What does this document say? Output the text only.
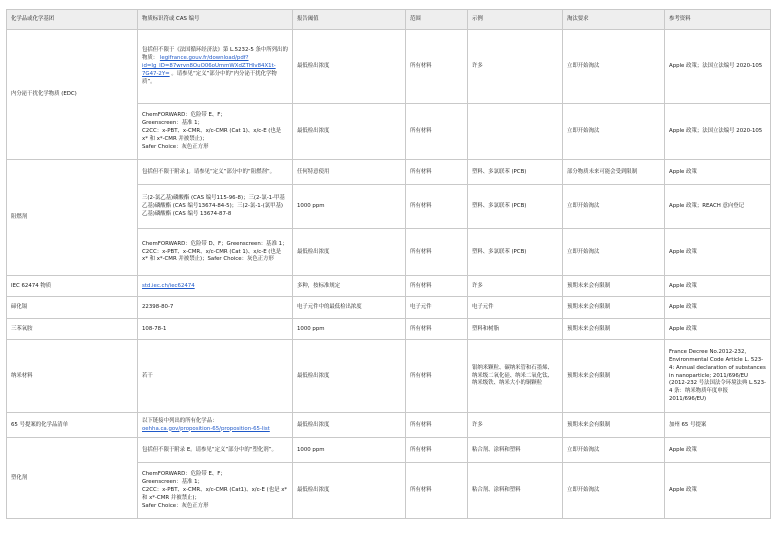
化学品或化学基团	物质标识符或 CAS 编号	报告阈值	范围	示例	淘汰要求	参考资料
内分泌干扰化学物质 (EDC)	包括但不限于《法国循环经济法》第 L.5232-5 条中所列出的物质： legifrance.gouv.fr/download/pdf?id=Ig_ID=87wrvn8OuO06oUmmWXdZTHlv84X1t-7G47-2Y= 。请参见“定义”部分中的“内分泌干扰化学物质”。	最低检出浓度	所有材料	许多	立即开始淘汰	Apple 政策；法国立法编号 2020-105

	ChemFORWARD：危险带 E、F；
Greenscreen：基准 1；
C2CC：x-PBT、x-CMR、x/c-CMR (Cat 1)、x/c-E (也是 x* 和 x*-CMR 并被禁止)；
Safer Choice：灰色正方形	最低检出浓度	所有材料		立即开始淘汰	Apple 政策；法国立法编号 2020-105
阻燃剂	包括但不限于附录 J。请参见“定义”部分中的“阻燃剂”。	任何特意使用	所有材料	塑料、多氯联苯 (PCB)	部分物质未来可能会受到限制	Apple 政策
	三(2-氯乙基)磷酸酯 (CAS 编号115-96-8)；三(2-氯-1-甲基乙基)磷酸酯 (CAS 编号13674-84-5)；三(2-氯-1-(氯甲基)乙基)磷酸酯 (CAS 编号 13674-87-8	1000 ppm	所有材料	塑料、多氯联苯 (PCB)	立即开始淘汰	Apple 政策；REACH 意向登记
	ChemFORWARD：危险带 D、F；Greenscreen：基准 1；C2CC：x-PBT、x-CMR、x/c-CMR (Cat 1)、x/c-E (也是 x* 和 x*-CMR 并被禁止)；Safer Choice：灰色正方形	最低检出浓度	所有材料	塑料、多氯联苯 (PCB)	立即开始淘汰	Apple 政策
IEC 62474 物质	std.iec.ch/iec62474	多种，按标准规定	所有材料	许多	预期未来会有限制	Apple 政策
碲化镉	22398-80-7	电子元件中的最低检出浓度	电子元件	电子元件	预期未来会有限制	Apple 政策
三苯氧胺	108-78-1	1000 ppm	所有材料	塑料和树脂	预期未来会有限制	Apple 政策
纳米材料	若干	最低检出浓度	所有材料	银纳米颗粒、碳纳米管和石墨烯、纳米级二氧化硅、纳米二氧化钛、纳米级铁、纳米大小的铜颗粒	预期未来会有限制	France Decree No.2012-232，Environmental Code Article L. 523-4: Annual declaration of substances in nanoparticle; 2011/696/EU (2012-232 号法国法令环境法典 L.523-4 条：纳米物质年度申报 2011/696/EU)
65 号提案的化学品清单	以下链接中列出的所有化学品： oehha.ca.gov/proposition-65/proposition-65-list	最低检出浓度	所有材料	许多	预期未来会有限制	加州 65 号提案
塑化剂	包括但不限于附录 E。请参见“定义”部分中的“塑化剂”。	1000 ppm	所有材料	粘合剂、涂料和塑料	立即开始淘汰	Apple 政策

	ChemFORWARD：危险带 E、F；
Greenscreen：基准 1；
C2CC：x-PBT、x-CMR、x/c-CMR (Cat1)、x/c-E (也是 x* 和 x*-CMR 并被禁止)；
Safer Choice：灰色正方形	最低检出浓度	所有材料	粘合剂、涂料和塑料	立即开始淘汰	Apple 政策
